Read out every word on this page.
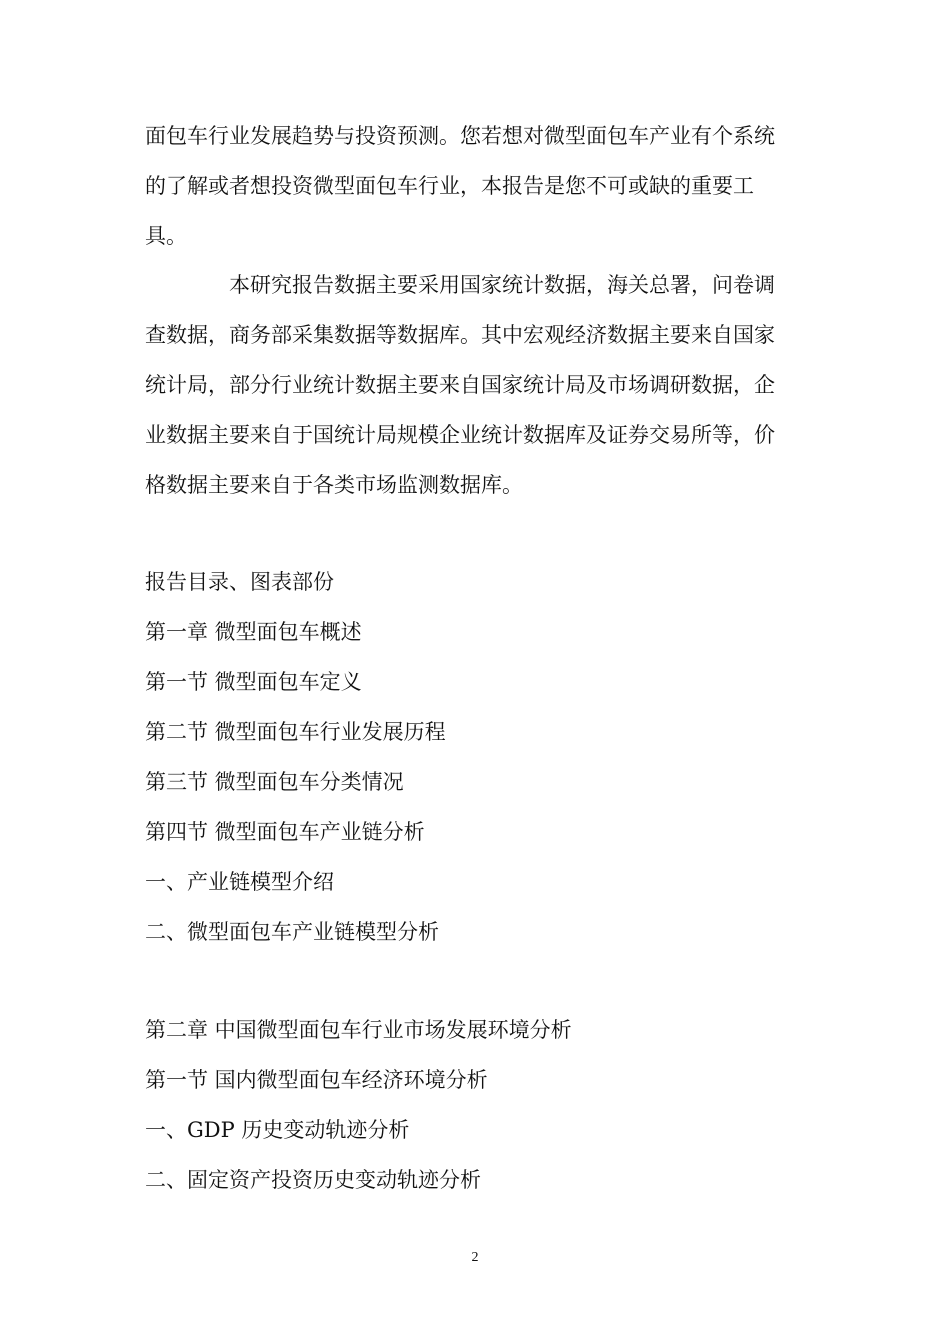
面包车行业发展趋势与投资预测。您若想对微型面包车产业有个系统
的了解或者想投资微型面包车行业，本报告是您不可或缺的重要工
具。
本研究报告数据主要采用国家统计数据，海关总署，问卷调
查数据，商务部采集数据等数据库。其中宏观经济数据主要来自国家
统计局，部分行业统计数据主要来自国家统计局及市场调研数据，企
业数据主要来自于国统计局规模企业统计数据库及证券交易所等，价
格数据主要来自于各类市场监测数据库。
报告目录、图表部份
第一章 微型面包车概述
第一节 微型面包车定义
第二节 微型面包车行业发展历程
第三节 微型面包车分类情况
第四节 微型面包车产业链分析
一、产业链模型介绍
二、微型面包车产业链模型分析
第二章 中国微型面包车行业市场发展环境分析
第一节 国内微型面包车经济环境分析
一、GDP 历史变动轨迹分析
二、固定资产投资历史变动轨迹分析
2
